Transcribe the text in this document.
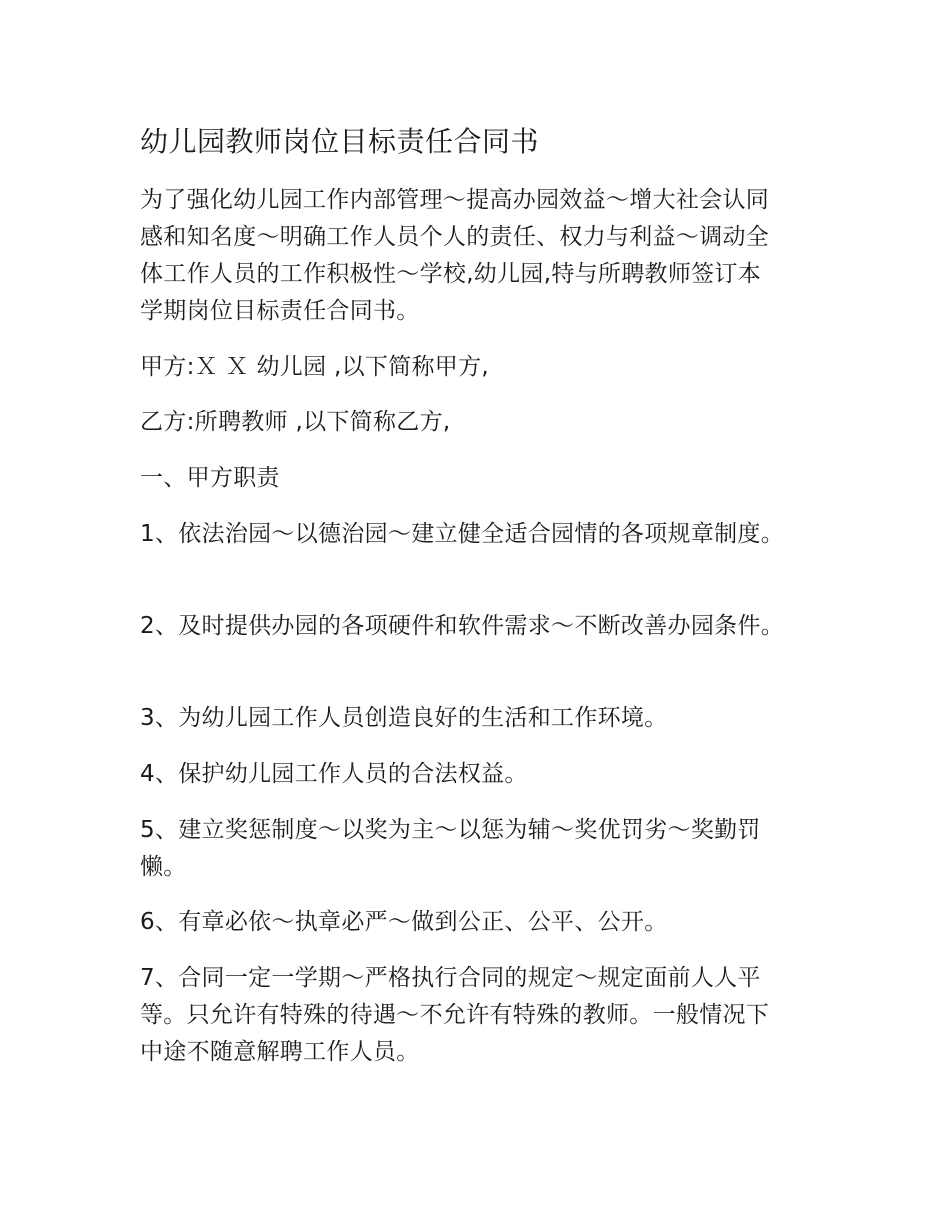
幼儿园教师岗位目标责任合同书
为了强化幼儿园工作内部管理～提高办园效益～增大社会认同
感和知名度～明确工作人员个人的责任、权力与利益～调动全
体工作人员的工作积极性～学校,幼儿园,特与所聘教师签订本
学期岗位目标责任合同书。
甲方:Ｘ Ｘ 幼儿园 ,以下简称甲方,
乙方:所聘教师 ,以下简称乙方,
一、甲方职责
1、依法治园～以德治园～建立健全适合园情的各项规章制度。
2、及时提供办园的各项硬件和软件需求～不断改善办园条件。
3、为幼儿园工作人员创造良好的生活和工作环境。
4、保护幼儿园工作人员的合法权益。
5、建立奖惩制度～以奖为主～以惩为辅～奖优罚劣～奖勤罚
懒。
6、有章必依～执章必严～做到公正、公平、公开。
7、合同一定一学期～严格执行合同的规定～规定面前人人平
等。只允许有特殊的待遇～不允许有特殊的教师。一般情况下
中途不随意解聘工作人员。
